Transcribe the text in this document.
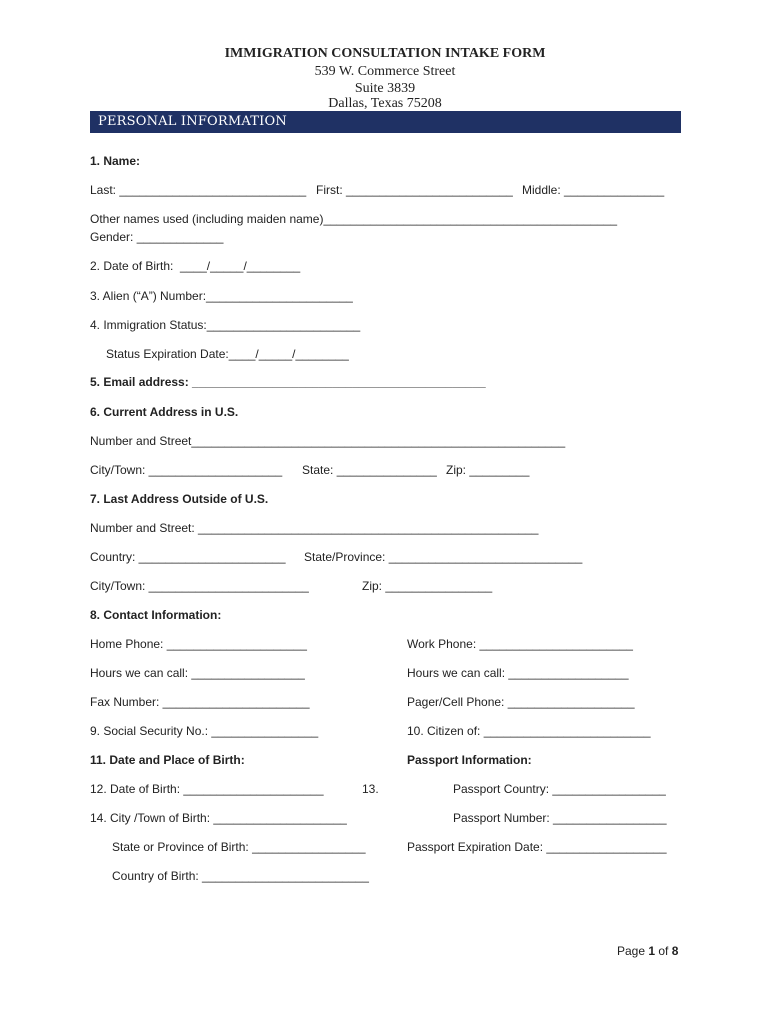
IMMIGRATION CONSULTATION INTAKE FORM
539 W. Commerce Street
Suite 3839
Dallas, Texas 75208
PERSONAL INFORMATION
1. Name:
Last: ____________________________ First: _________________________ Middle: _______________
Other names used (including maiden name)____________________________________________
Gender: _____________
2. Date of Birth:  ____/_____/________
3. Alien (“A”) Number:______________________
4. Immigration Status:_______________________
Status Expiration Date:____/_____/________
5. Email address: ____________________________________________
6. Current Address in U.S.
Number and Street________________________________________________________
City/Town: ____________________ State: _______________ Zip: _________
7. Last Address Outside of U.S.
Number and Street: ___________________________________________________
Country: ______________________ State/Province: _____________________________
City/Town: ________________________	Zip: ________________
8. Contact Information:
Home Phone: _____________________	Work Phone: _______________________
Hours we can call: _________________	Hours we can call: __________________
Fax Number: ______________________	Pager/Cell Phone: ___________________
9. Social Security No.: ________________	10. Citizen of: _________________________
11. Date and Place of Birth:	Passport Information:
12. Date of Birth: _____________________	13.	Passport Country: _________________
14. City /Town of Birth: ____________________	Passport Number: _________________
State or Province of Birth: _________________	Passport Expiration Date: __________________
Country of Birth: _________________________
Page 1 of 8
